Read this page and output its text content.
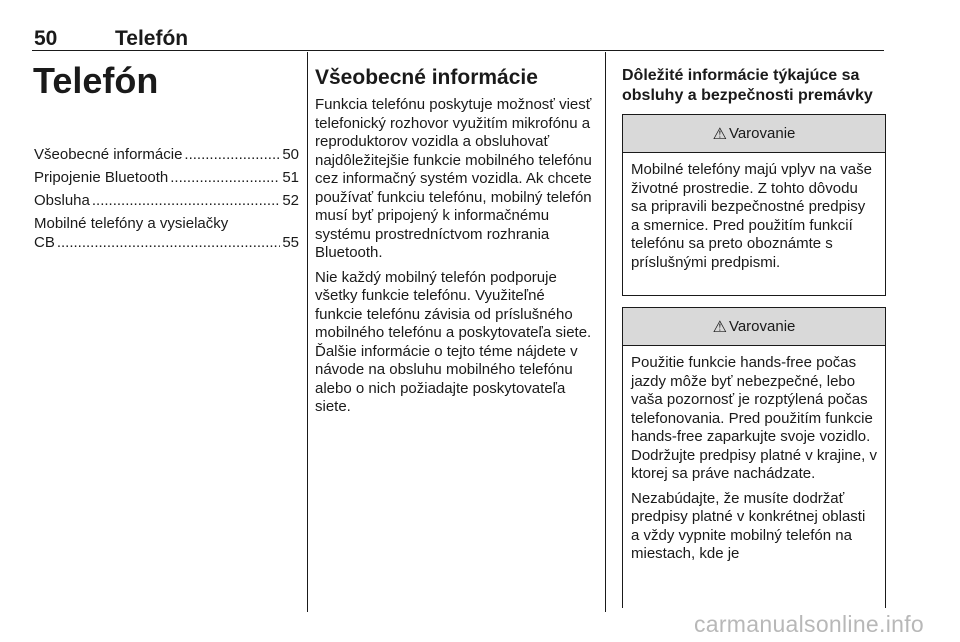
50	Telefón
Telefón
Všeobecné informácie .....	50
Pripojenie Bluetooth .....	51
Obsluha .....	52
Mobilné telefóny a vysielačky
CB .....	55
Všeobecné informácie

Funkcia telefónu poskytuje možnosť viesť telefonický rozhovor využitím mikrofónu a reproduktorov vozidla a obsluhovať najdôležitejšie funkcie mobilného telefónu cez informačný systém vozidla. Ak chcete používať funkciu telefónu, mobilný telefón musí byť pripojený k informačnému systému prostredníctvom rozhrania Bluetooth.

Nie každý mobilný telefón podporuje všetky funkcie telefónu. Využiteľné funkcie telefónu závisia od príslušného mobilného telefónu a poskytovateľa siete. Ďalšie informácie o tejto téme nájdete v návode na obsluhu mobilného telefónu alebo o nich požiadajte poskytovateľa siete.

Dôležité informácie týkajúce sa obsluhy a bezpečnosti premávky
⚠ Varovanie

Mobilné telefóny majú vplyv na vaše životné prostredie. Z tohto dôvodu sa pripravili bezpečnostné predpisy a smernice. Pred použitím funkcií telefónu sa preto oboznámte s príslušnými predpismi.

⚠ Varovanie

Použitie funkcie hands-free počas jazdy môže byť nebezpečné, lebo vaša pozornosť je rozptýlená počas telefonovania. Pred použitím funkcie hands-free zaparkujte svoje vozidlo. Dodržujte predpisy platné v krajine, v ktorej sa práve nachádzate.

Nezabúdajte, že musíte dodržať predpisy platné v konkrétnej oblasti a vždy vypnite mobilný telefón na miestach, kde je

carmanualsonline.info
